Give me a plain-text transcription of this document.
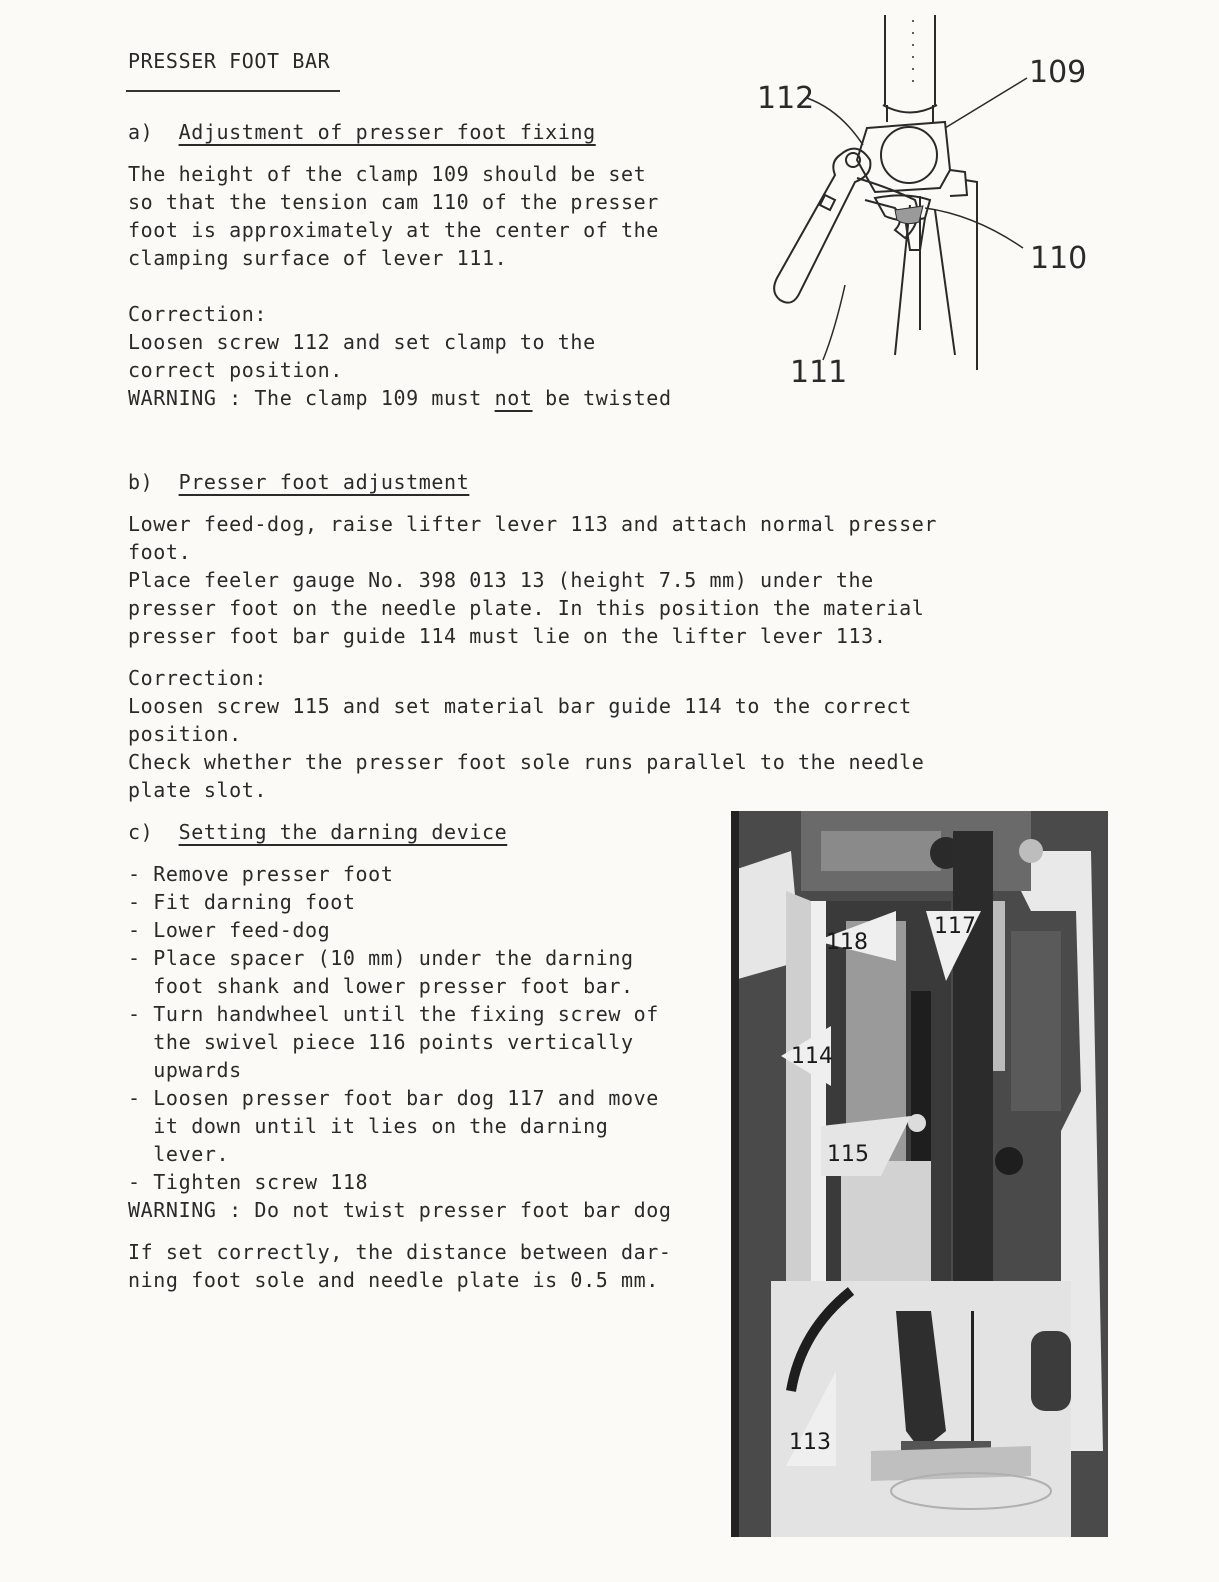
PRESSER FOOT BAR
a) Adjustment of presser foot fixing
The height of the clamp 109 should be set
so that the tension cam 110 of the presser
foot is approximately at the center of the
clamping surface of lever 111.
Correction:
Loosen screw 112 and set clamp to the
correct position.
WARNING : The clamp 109 must not be twisted
109
112
110
111
b) Presser foot adjustment
Lower feed-dog, raise lifter lever 113 and attach normal presser
foot.
Place feeler gauge No. 398 013 13 (height 7.5 mm) under the
presser foot on the needle plate. In this position the material
presser foot bar guide 114 must lie on the lifter lever 113.
Correction:
Loosen screw 115 and set material bar guide 114 to the correct
position.
Check whether the presser foot sole runs parallel to the needle
plate slot.
c) Setting the darning device
- Remove presser foot
- Fit darning foot
- Lower feed-dog
- Place spacer (10 mm) under the darning
foot shank and lower presser foot bar.
- Turn handwheel until the fixing screw of
the swivel piece 116 points vertically
upwards
- Loosen presser foot bar dog 117 and move
it down until it lies on the darning
lever.
- Tighten screw 118
WARNING : Do not twist presser foot bar dog
If set correctly, the distance between dar-
ning foot sole and needle plate is 0.5 mm.
117
118
114
115
113
